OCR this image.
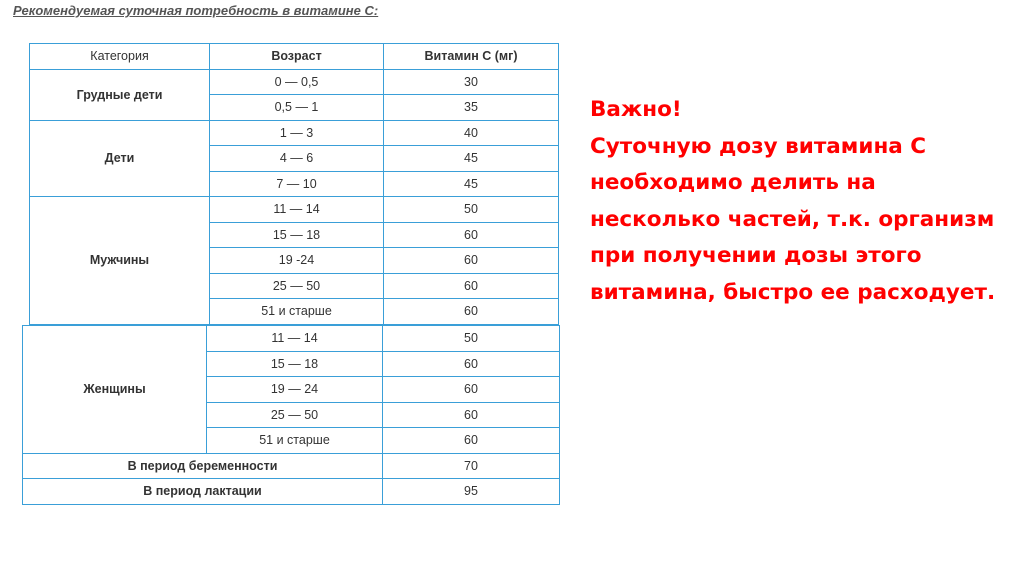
Рекомендуемая суточная потребность в витамине С:
Категория	Возраст	Витамин С (мг)
Грудные дети	0 — 0,5	30
	0,5 — 1	35
Дети	1 — 3	40
	4 — 6	45
	7 — 10	45
Мужчины	11 — 14	50
	15 — 18	60
	19 -24	60
	25 — 50	60
	51 и старше	60
Женщины	11 — 14	50
	15 — 18	60
	19 — 24	60
	25 — 50	60
	51 и старше	60
В период беременности		70
В период лактации		95
Важно!
Суточную дозу витамина С
необходимо делить на
несколько частей, т.к. организм
при получении дозы этого
витамина, быстро ее расходует.
